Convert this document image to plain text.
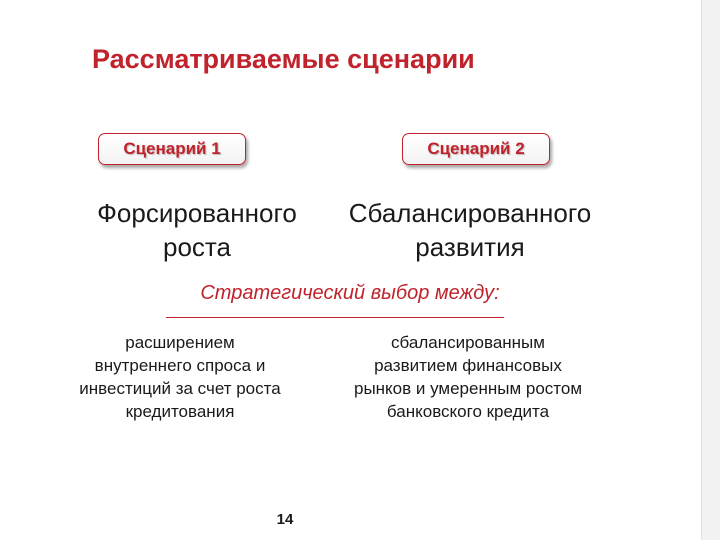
Рассматриваемые сценарии
Сценарий 1	Сценарий 2
Форсированного
роста
Сбалансированного
развития
Стратегический выбор между:
расширением
внутреннего спроса и
инвестиций за счет роста
кредитования
сбалансированным
развитием финансовых
рынков и умеренным ростом
банковского кредита
14
